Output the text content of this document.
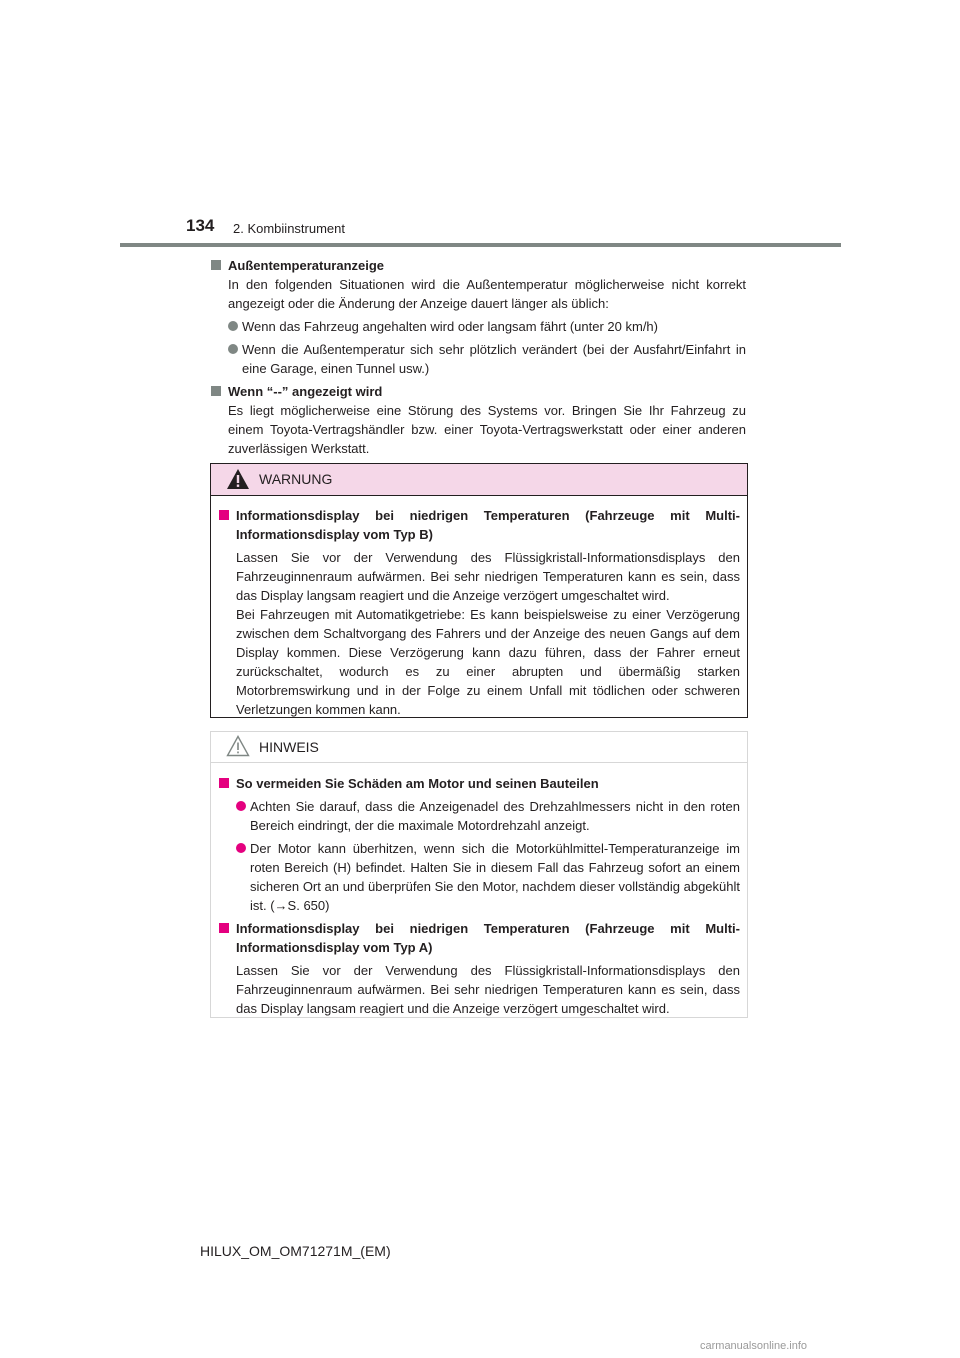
134 2. Kombiinstrument
Außentemperaturanzeige
In den folgenden Situationen wird die Außentemperatur möglicherweise nicht korrekt angezeigt oder die Änderung der Anzeige dauert länger als üblich:
Wenn das Fahrzeug angehalten wird oder langsam fährt (unter 20 km/h)
Wenn die Außentemperatur sich sehr plötzlich verändert (bei der Ausfahrt/Einfahrt in eine Garage, einen Tunnel usw.)
Wenn “--” angezeigt wird
Es liegt möglicherweise eine Störung des Systems vor. Bringen Sie Ihr Fahrzeug zu einem Toyota-Vertragshändler bzw. einer Toyota-Vertragswerkstatt oder einer anderen zuverlässigen Werkstatt.
WARNUNG
Informationsdisplay bei niedrigen Temperaturen (Fahrzeuge mit Multi-Informationsdisplay vom Typ B)
Lassen Sie vor der Verwendung des Flüssigkristall-Informationsdisplays den Fahrzeuginnenraum aufwärmen. Bei sehr niedrigen Temperaturen kann es sein, dass das Display langsam reagiert und die Anzeige verzögert umgeschaltet wird.
Bei Fahrzeugen mit Automatikgetriebe: Es kann beispielsweise zu einer Verzögerung zwischen dem Schaltvorgang des Fahrers und der Anzeige des neuen Gangs auf dem Display kommen. Diese Verzögerung kann dazu führen, dass der Fahrer erneut zurückschaltet, wodurch es zu einer abrupten und übermäßig starken Motorbremswirkung und in der Folge zu einem Unfall mit tödlichen oder schweren Verletzungen kommen kann.
HINWEIS
So vermeiden Sie Schäden am Motor und seinen Bauteilen
Achten Sie darauf, dass die Anzeigenadel des Drehzahlmessers nicht in den roten Bereich eindringt, der die maximale Motordrehzahl anzeigt.
Der Motor kann überhitzen, wenn sich die Motorkühlmittel-Temperaturanzeige im roten Bereich (H) befindet. Halten Sie in diesem Fall das Fahrzeug sofort an einem sicheren Ort an und überprüfen Sie den Motor, nachdem dieser vollständig abgekühlt ist. (→S. 650)
Informationsdisplay bei niedrigen Temperaturen (Fahrzeuge mit Multi-Informationsdisplay vom Typ A)
Lassen Sie vor der Verwendung des Flüssigkristall-Informationsdisplays den Fahrzeuginnenraum aufwärmen. Bei sehr niedrigen Temperaturen kann es sein, dass das Display langsam reagiert und die Anzeige verzögert umgeschaltet wird.
HILUX_OM_OM71271M_(EM)
carmanualsonline.info
